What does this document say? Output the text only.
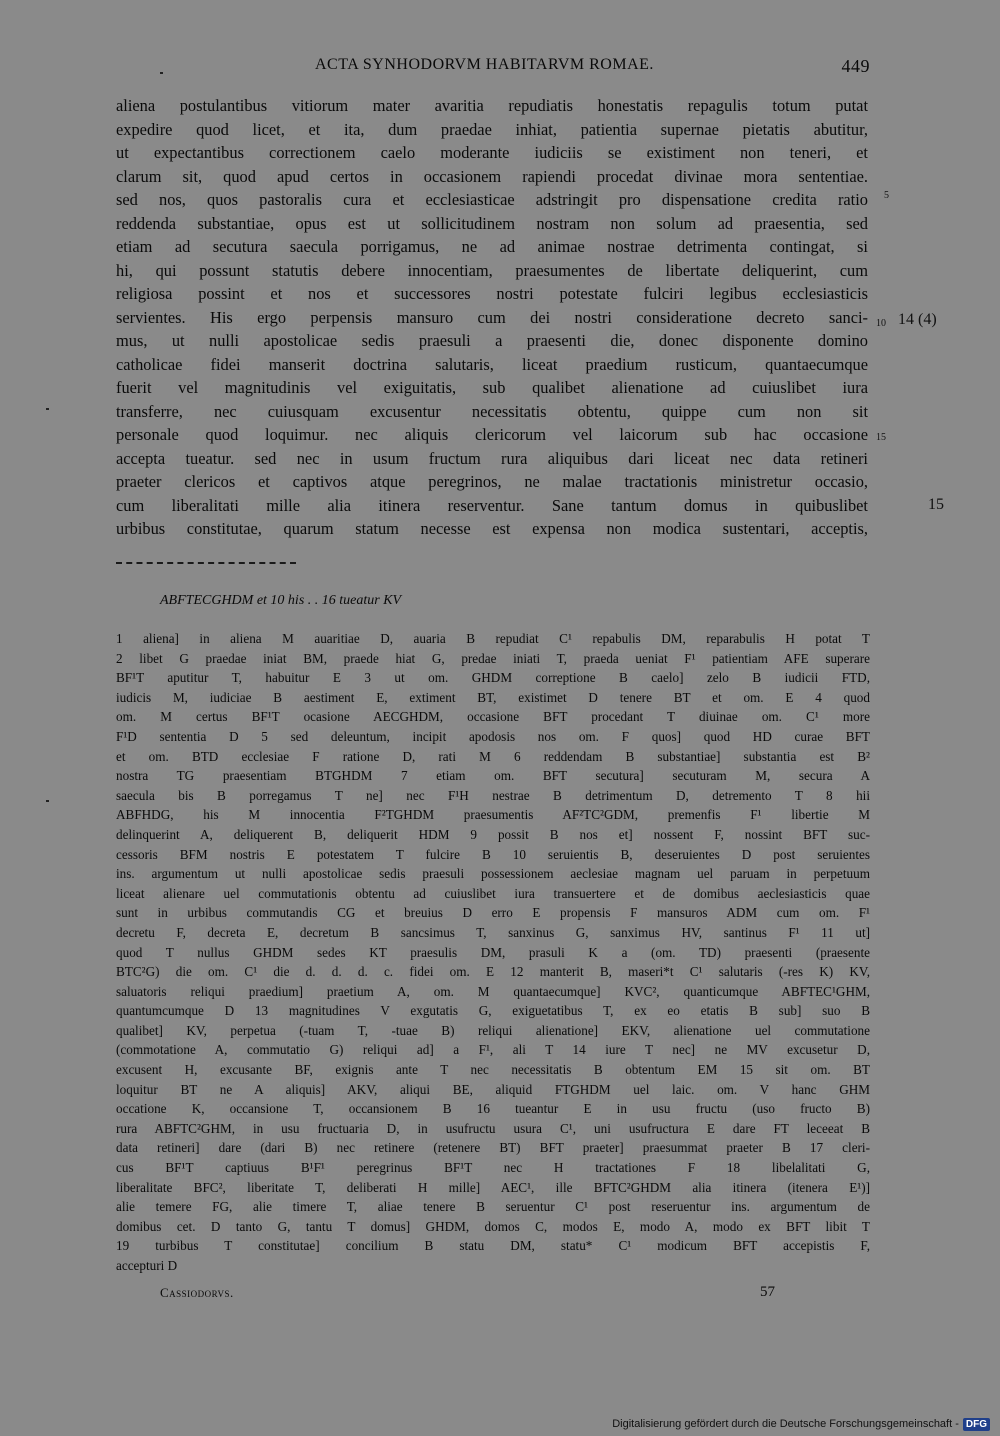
ACTA SYNHODORVM HABITARVM ROMAE.	449
aliena postulantibus vitiorum mater avaritia repudiatis honestatis repagulis totum putat
expedire quod licet, et ita, dum praedae inhiat, patientia supernae pietatis abutitur,
ut expectantibus correctionem caelo moderante iudiciis se existiment non teneri, et
clarum sit, quod apud certos in occasionem rapiendi procedat divinae mora sententiae.
sed nos, quos pastoralis cura et ecclesiasticae adstringit pro dispensatione credita ratio
reddenda substantiae, opus est ut sollicitudinem nostram non solum ad praesentia, sed
etiam ad secutura saecula porrigamus, ne ad animae nostrae detrimenta contingat, si
hi, qui possunt statutis debere innocentiam, praesumentes de libertate deliquerint, cum
religiosa possint et nos et successores nostri potestate fulciri legibus ecclesiasticis
servientes. His ergo perpensis mansuro cum dei nostri consideratione decreto sanci-
mus, ut nulli apostolicae sedis praesuli a praesenti die, donec disponente domino
catholicae fidei manserit doctrina salutaris, liceat praedium rusticum, quantaecumque
fuerit vel magnitudinis vel exiguitatis, sub qualibet alienatione ad cuiuslibet iura
transferre, nec cuiusquam excusentur necessitatis obtentu, quippe cum non sit
personale quod loquimur. nec aliquis clericorum vel laicorum sub hac occasione
accepta tueatur. sed nec in usum fructum rura aliquibus dari liceat nec data retineri
praeter clericos et captivos atque peregrinos, ne malae tractationis ministretur occasio,
cum liberalitati mille alia itinera reserventur. Sane tantum domus in quibuslibet
urbibus constitutae, quarum statum necesse est expensa non modica sustentari, acceptis,
5
10
15
14 (4)
15
ABFTECGHDM et 10 his . . 16 tueatur KV
1 aliena] in aliena M auaritiae D, auaria B repudiat C¹ repabulis DM, reparabulis H potat T
2 libet G praedae iniat BM, praede hiat G, predae iniati T, praeda ueniat F¹ patientiam AFE superare
BF¹T aputitur T, habuitur E 3 ut om. GHDM correptione B caelo] zelo B iudicii FTD,
iudicis M, iudiciae B aestiment E, extiment BT, existimet D tenere BT et om. E 4 quod
om. M certus BF¹T ocasione AECGHDM, occasione BFT procedant T diuinae om. C¹ more
F¹D sententia D 5 sed deleuntum, incipit apodosis nos om. F quos] quod HD curae BFT
et om. BTD ecclesiae F ratione D, rati M 6 reddendam B substantiae] substantia est B²
nostra TG praesentiam BTGHDM 7 etiam om. BFT secutura] secuturam M, secura A
saecula bis B porregamus T ne] nec F¹H nestrae B detrimentum D, detremento T 8 hii
ABFHDG, his M innocentia F²TGHDM praesumentis AF²TC²GDM, premenfis F¹ libertie M
delinquerint A, deliquerent B, deliquerit HDM 9 possit B nos et] nossent F, nossint BFT suc-
cessoris BFM nostris E potestatem T fulcire B 10 seruientis B, deseruientes D post seruientes
ins. argumentum ut nulli apostolicae sedis praesuli possessionem aeclesiae magnam uel paruam in perpetuum
liceat alienare uel commutationis obtentu ad cuiuslibet iura transuertere et de domibus aeclesiasticis quae
sunt in urbibus commutandis CG et breuius D erro E propensis F mansuros ADM cum om. F¹
decretu F, decreta E, decretum B sancsimus T, sanxinus G, sanximus HV, santinus F¹ 11 ut]
quod T nullus GHDM sedes KT praesulis DM, prasuli K a (om. TD) praesenti (praesente
BTC²G) die om. C¹ die d. d. d. c. fidei om. E 12 manterit B, maseri*t C¹ salutaris (-res K) KV,
saluatoris reliqui praedium] praetium A, om. M quantaecumque] KVC², quanticumque ABFTEC¹GHM,
quantumcumque D 13 magnitudines V exgutatis G, exiguetatibus T, ex eo etatis B sub] suo B
qualibet] KV, perpetua (-tuam T, -tuae B) reliqui alienatione] EKV, alienatione uel commutatione
(commotatione A, commutatio G) reliqui ad] a F¹, ali T 14 iure T nec] ne MV excusetur D,
excusent H, excusante BF, exignis ante T nec necessitatis B obtentum EM 15 sit om. BT
loquitur BT ne A aliquis] AKV, aliqui BE, aliquid FTGHDM uel laic. om. V hanc GHM
occatione K, occansione T, occansionem B 16 tueantur E in usu fructu (uso fructo B)
rura ABFTC²GHM, in usu fructuaria D, in usufructu usura C¹, uni usufructura E dare FT leceeat B
data retineri] dare (dari B) nec retinere (retenere BT) BFT praeter] praesummat praeter B 17 cleri-
cus BF¹T captiuus B¹F¹ peregrinus BF¹T nec H tractationes F 18 libelalitati G,
liberalitate BFC², liberitate T, deliberati H mille] AEC¹, ille BFTC²GHDM alia itinera (itenera E¹)]
alie temere FG, alie timere T, aliae tenere B seruentur C¹ post reseruentur ins. argumentum de
domibus cet. D tanto G, tantu T domus] GHDM, domos C, modos E, modo A, modo ex BFT libit T
19 turbibus T constitutae] concilium B statu DM, statu* C¹ modicum BFT accepistis F,
accepturi D
Cassiodorvs.	57
Digitalisierung gefördert durch die Deutsche Forschungsgemeinschaft - DFG
